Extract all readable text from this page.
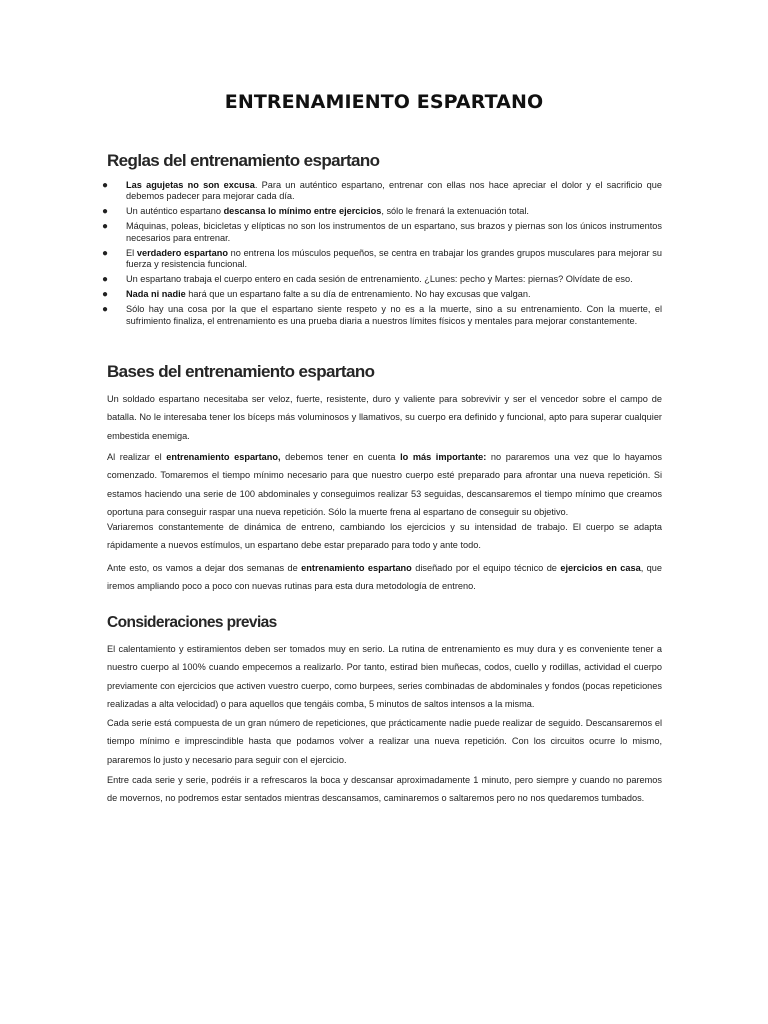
ENTRENAMIENTO ESPARTANO
Reglas del entrenamiento espartano
● Las agujetas no son excusa. Para un auténtico espartano, entrenar con ellas nos hace apreciar el dolor y el sacrificio que debemos padecer para mejorar cada día.
● Un auténtico espartano descansa lo mínimo entre ejercicios, sólo le frenará la extenuación total.
● Máquinas, poleas, bicicletas y elípticas no son los instrumentos de un espartano, sus brazos y piernas son los únicos instrumentos necesarios para entrenar.
● El verdadero espartano no entrena los músculos pequeños, se centra en trabajar los grandes grupos musculares para mejorar su fuerza y resistencia funcional.
● Un espartano trabaja el cuerpo entero en cada sesión de entrenamiento. ¿Lunes: pecho y Martes: piernas? Olvídate de eso.
● Nada ni nadie hará que un espartano falte a su día de entrenamiento. No hay excusas que valgan.
● Sólo hay una cosa por la que el espartano siente respeto y no es a la muerte, sino a su entrenamiento. Con la muerte, el sufrimiento finaliza, el entrenamiento es una prueba diaria a nuestros límites físicos y mentales para mejorar constantemente.
Bases del entrenamiento espartano

Un soldado espartano necesitaba ser veloz, fuerte, resistente, duro y valiente para sobrevivir y ser el vencedor sobre el campo de batalla. No le interesaba tener los bíceps más voluminosos y llamativos, su cuerpo era definido y funcional, apto para superar cualquier embestida enemiga.

Al realizar el entrenamiento espartano, debemos tener en cuenta lo más importante: no pararemos una vez que lo hayamos comenzado. Tomaremos el tiempo mínimo necesario para que nuestro cuerpo esté preparado para afrontar una nueva repetición. Si estamos haciendo una serie de 100 abdominales y conseguimos realizar 53 seguidas, descansaremos el tiempo mínimo que creamos oportuna para conseguir raspar una nueva repetición. Sólo la muerte frena al espartano de conseguir su objetivo.

Variaremos constantemente de dinámica de entreno, cambiando los ejercicios y su intensidad de trabajo. El cuerpo se adapta rápidamente a nuevos estímulos, un espartano debe estar preparado para todo y ante todo.

Ante esto, os vamos a dejar dos semanas de entrenamiento espartano diseñado por el equipo técnico de ejercicios en casa, que iremos ampliando poco a poco con nuevas rutinas para esta dura metodología de entreno.

Consideraciones previas

El calentamiento y estiramientos deben ser tomados muy en serio. La rutina de entrenamiento es muy dura y es conveniente tener a nuestro cuerpo al 100% cuando empecemos a realizarlo. Por tanto, estirad bien muñecas, codos, cuello y rodillas, actividad el cuerpo previamente con ejercicios que activen vuestro cuerpo, como burpees, series combinadas de abdominales y fondos (pocas repeticiones realizadas a alta velocidad) o para aquellos que tengáis comba, 5 minutos de saltos intensos a la misma.

Cada serie está compuesta de un gran número de repeticiones, que prácticamente nadie puede realizar de seguido. Descansaremos el tiempo mínimo e imprescindible hasta que podamos volver a realizar una nueva repetición. Con los circuitos ocurre lo mismo, pararemos lo justo y necesario para seguir con el ejercicio.

Entre cada serie y serie, podréis ir a refrescaros la boca y descansar aproximadamente 1 minuto, pero siempre y cuando no paremos de movernos, no podremos estar sentados mientras descansamos, caminaremos o saltaremos pero no nos quedaremos tumbados.
